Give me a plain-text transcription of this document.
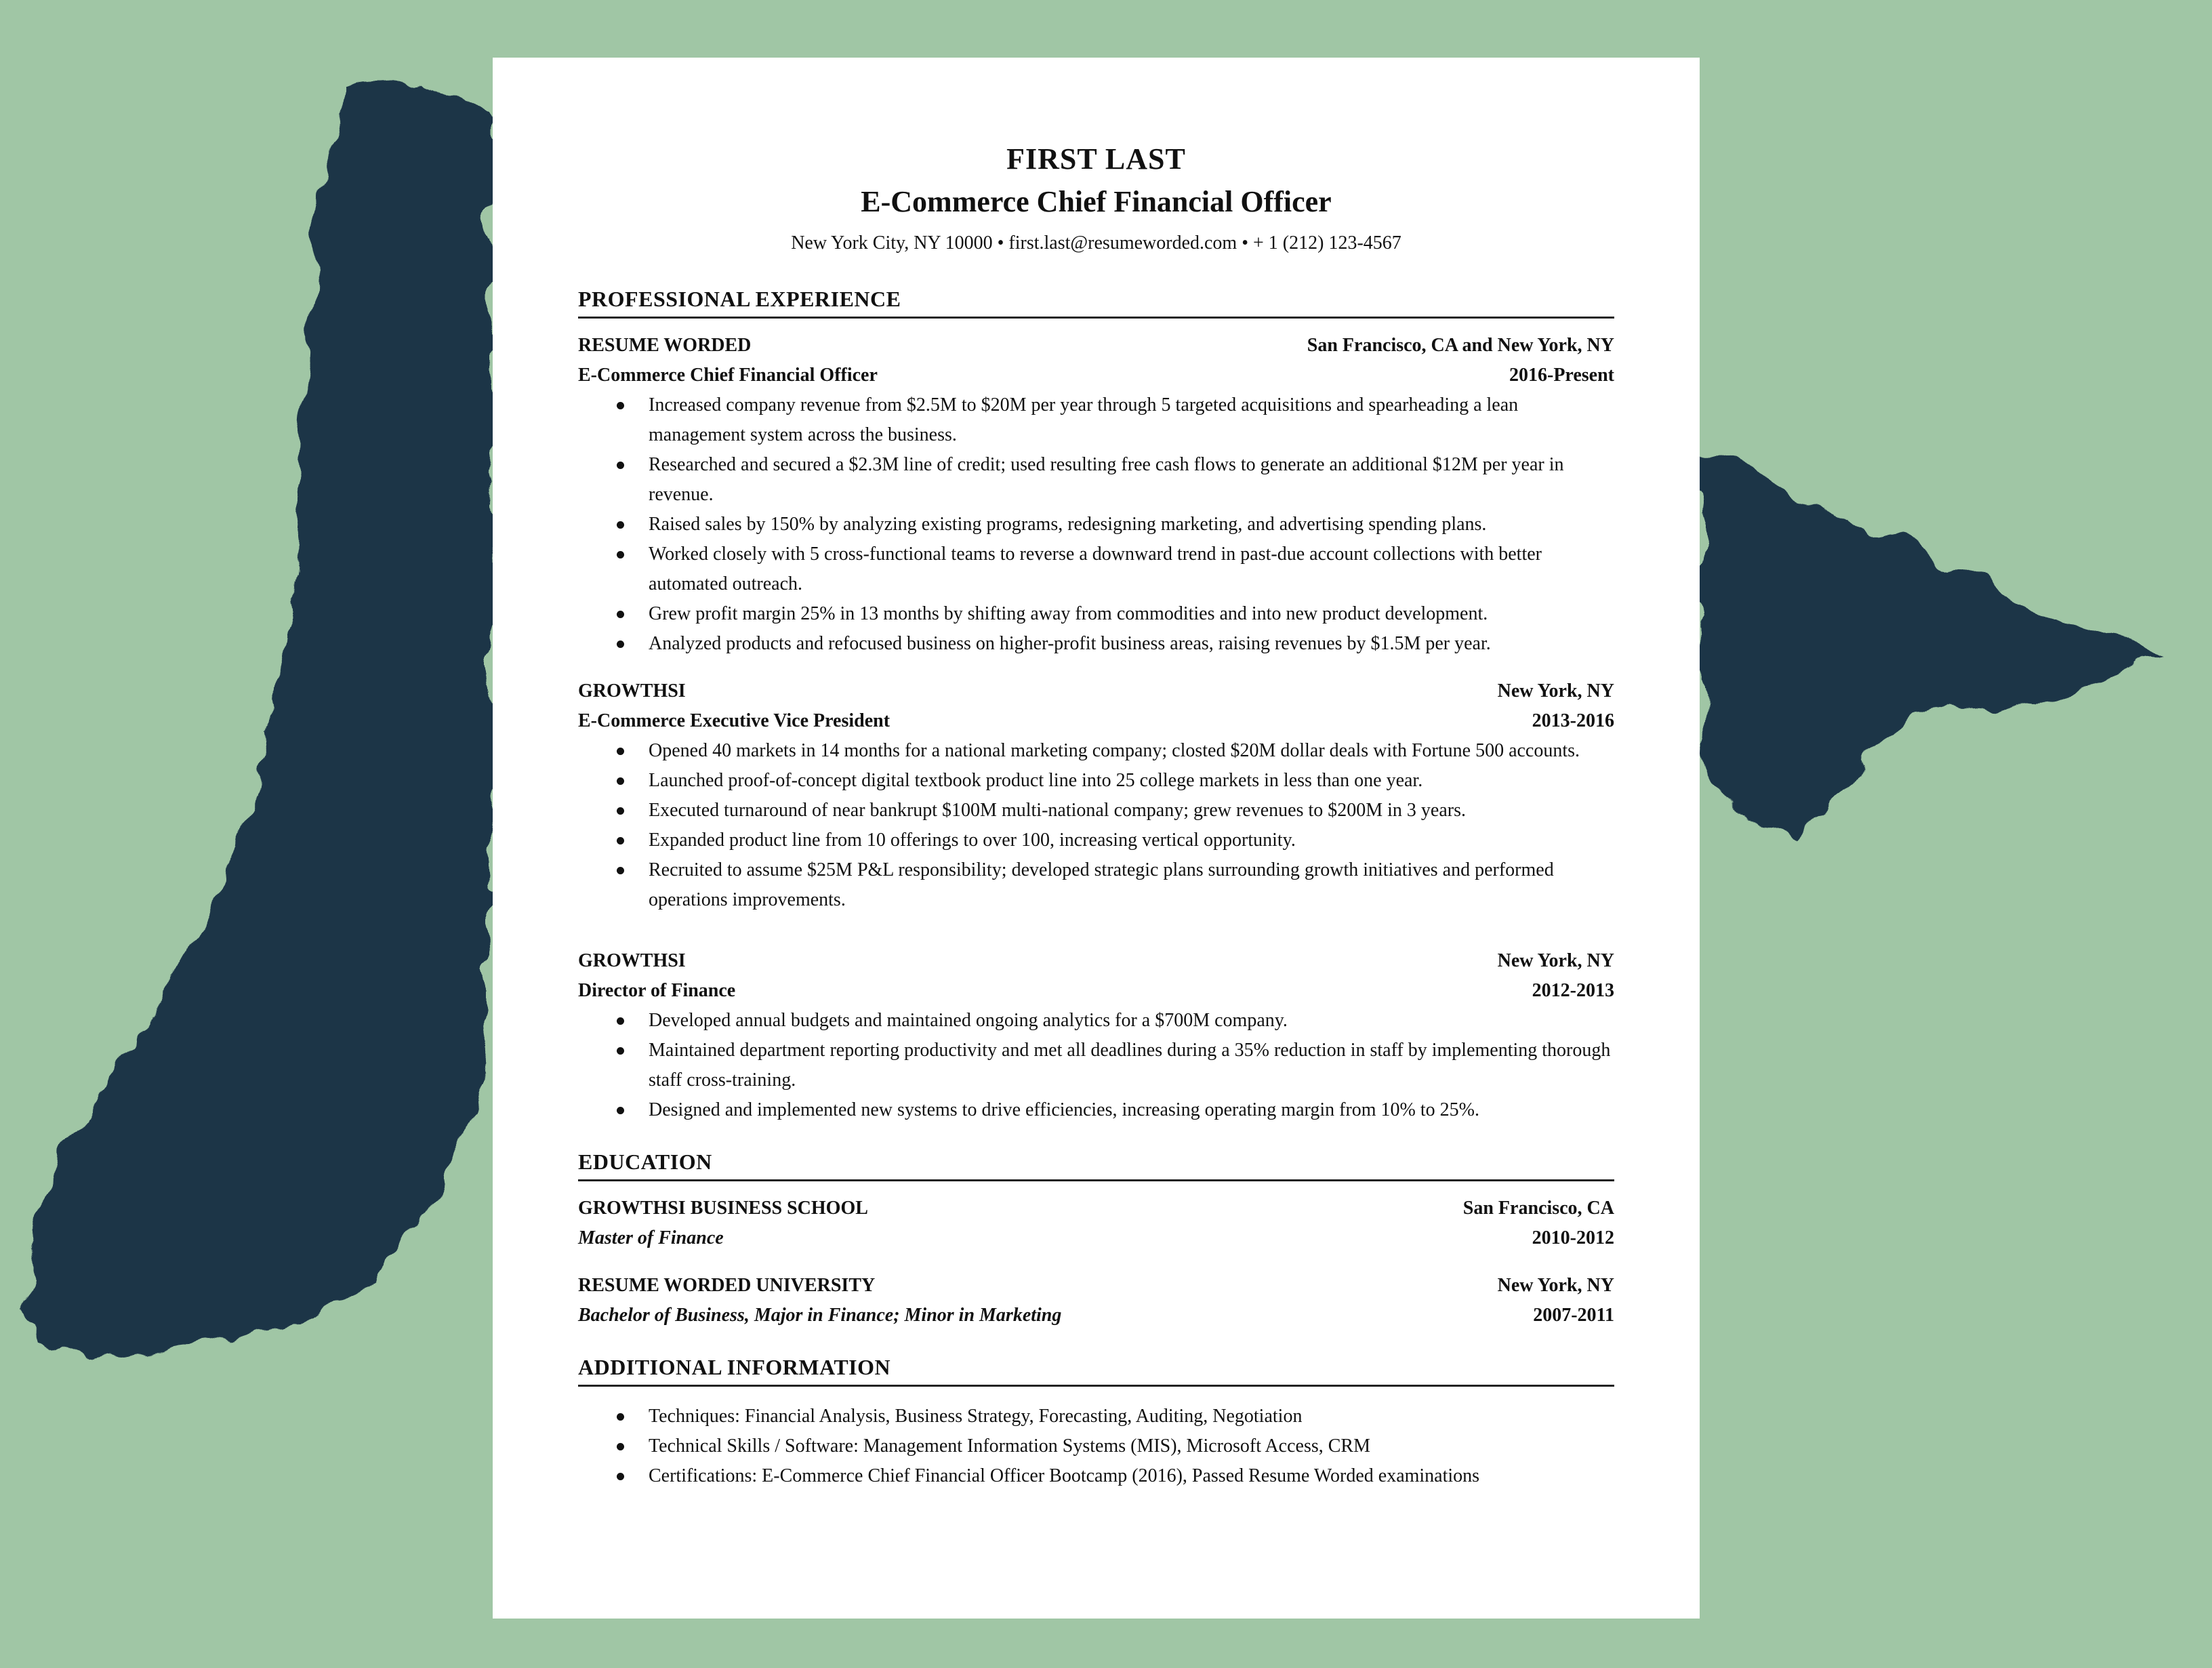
FIRST LAST
E-Commerce Chief Financial Officer
New York City, NY 10000 • first.last@resumeworded.com • + 1 (212) 123-4567
PROFESSIONAL EXPERIENCE
RESUME WORDED	San Francisco, CA and New York, NY
E-Commerce Chief Financial Officer	2016-Present
Increased company revenue from $2.5M to $20M per year through 5 targeted acquisitions and spearheading a lean management system across the business.
Researched and secured a $2.3M line of credit; used resulting free cash flows to generate an additional $12M per year in revenue.
Raised sales by 150% by analyzing existing programs, redesigning marketing, and advertising spending plans.
Worked closely with 5 cross-functional teams to reverse a downward trend in past-due account collections with better automated outreach.
Grew profit margin 25% in 13 months by shifting away from commodities and into new product development.
Analyzed products and refocused business on higher-profit business areas, raising revenues by $1.5M per year.
GROWTHSI	New York, NY
E-Commerce Executive Vice President	2013-2016
Opened 40 markets in 14 months for a national marketing company; closted $20M dollar deals with Fortune 500 accounts.
Launched proof-of-concept digital textbook product line into 25 college markets in less than one year.
Executed turnaround of near bankrupt $100M multi-national company; grew revenues to $200M in 3 years.
Expanded product line from 10 offerings to over 100, increasing vertical opportunity.
Recruited to assume $25M P&L responsibility; developed strategic plans surrounding growth initiatives and performed operations improvements.
GROWTHSI	New York, NY
Director of Finance	2012-2013
Developed annual budgets and maintained ongoing analytics for a $700M company.
Maintained department reporting productivity and met all deadlines during a 35% reduction in staff by implementing thorough staff cross-training.
Designed and implemented new systems to drive efficiencies, increasing operating margin from 10% to 25%.
EDUCATION
GROWTHSI BUSINESS SCHOOL	San Francisco, CA
Master of Finance	2010-2012
RESUME WORDED UNIVERSITY	New York, NY
Bachelor of Business, Major in Finance; Minor in Marketing	2007-2011
ADDITIONAL INFORMATION
Techniques: Financial Analysis, Business Strategy, Forecasting, Auditing, Negotiation
Technical Skills / Software: Management Information Systems (MIS), Microsoft Access, CRM
Certifications: E-Commerce Chief Financial Officer Bootcamp (2016), Passed Resume Worded examinations
